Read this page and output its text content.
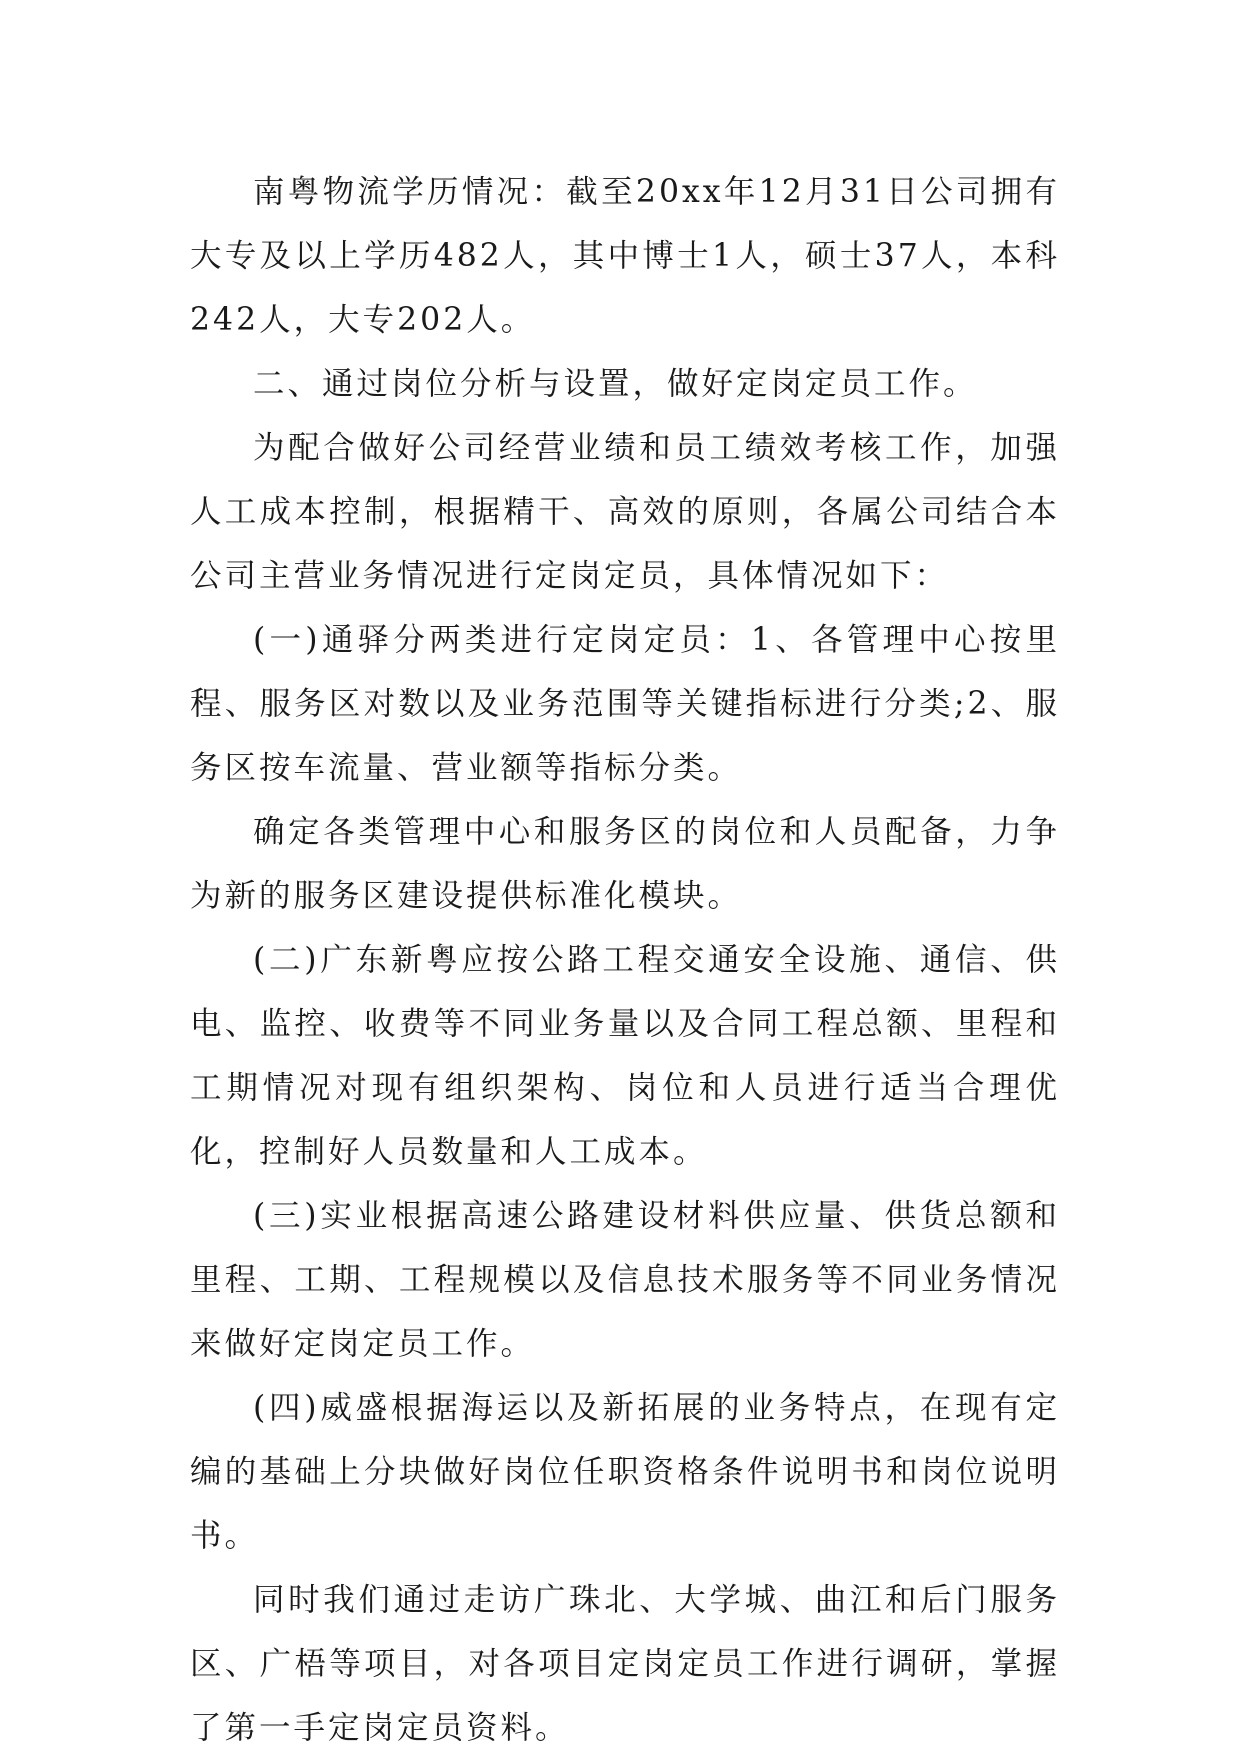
南粤物流学历情况：截至20xx年12月31日公司拥有大专及以上学历482人，其中博士1人，硕士37人，本科242人，大专202人。

二、通过岗位分析与设置，做好定岗定员工作。

为配合做好公司经营业绩和员工绩效考核工作，加强人工成本控制，根据精干、高效的原则，各属公司结合本公司主营业务情况进行定岗定员，具体情况如下：

(一)通驿分两类进行定岗定员：1、各管理中心按里程、服务区对数以及业务范围等关键指标进行分类;2、服务区按车流量、营业额等指标分类。

确定各类管理中心和服务区的岗位和人员配备，力争为新的服务区建设提供标准化模块。

(二)广东新粤应按公路工程交通安全设施、通信、供电、监控、收费等不同业务量以及合同工程总额、里程和工期情况对现有组织架构、岗位和人员进行适当合理优化，控制好人员数量和人工成本。

(三)实业根据高速公路建设材料供应量、供货总额和里程、工期、工程规模以及信息技术服务等不同业务情况来做好定岗定员工作。

(四)威盛根据海运以及新拓展的业务特点，在现有定编的基础上分块做好岗位任职资格条件说明书和岗位说明书。

同时我们通过走访广珠北、大学城、曲江和后门服务区、广梧等项目，对各项目定岗定员工作进行调研，掌握了第一手定岗定员资料。
